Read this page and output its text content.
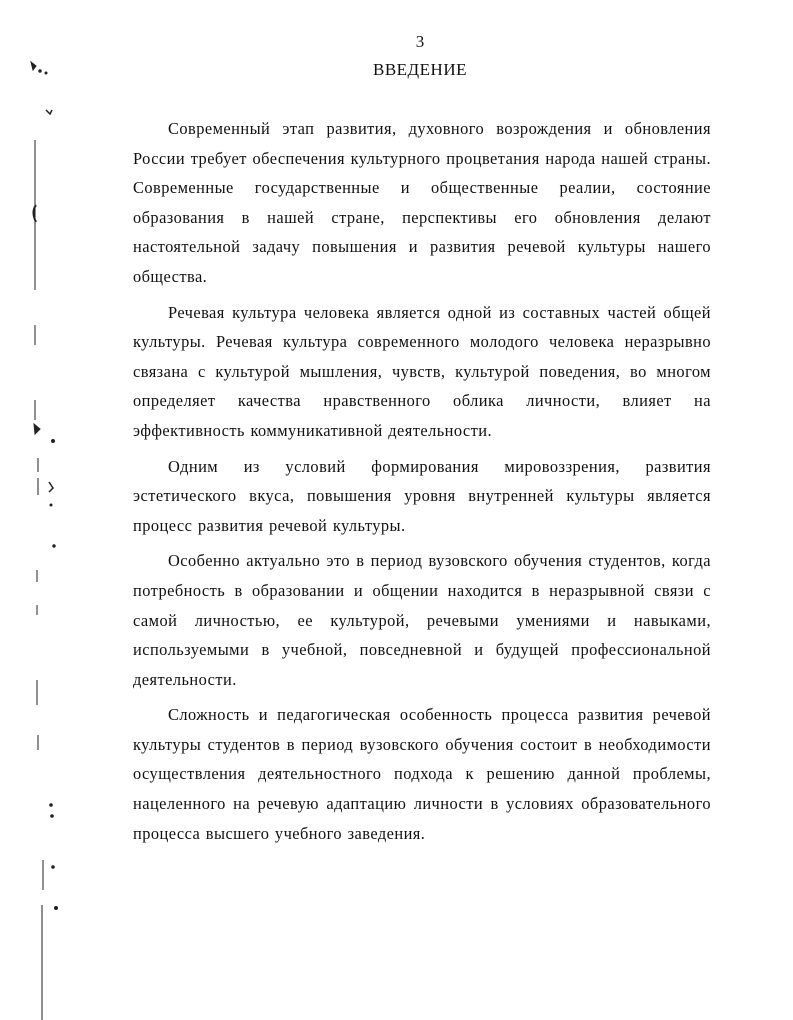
3
ВВЕДЕНИЕ

Современный этап развития, духовного возрождения и обновления России требует обеспечения культурного процветания народа нашей страны. Современные государственные и общественные реалии, состояние образования в нашей стране, перспективы его обновления делают настоятельной задачу повышения и развития речевой культуры нашего общества.

Речевая культура человека является одной из составных частей общей культуры. Речевая культура современного молодого человека неразрывно связана с культурой мышления, чувств, культурой поведения, во многом определяет качества нравственного облика личности, влияет на эффективность коммуникативной деятельности.

Одним из условий формирования мировоззрения, развития эстетического вкуса, повышения уровня внутренней культуры является процесс развития речевой культуры.

Особенно актуально это в период вузовского обучения студентов, когда потребность в образовании и общении находится в неразрывной связи с самой личностью, ее культурой, речевыми умениями и навыками, используемыми в учебной, повседневной и будущей профессиональной деятельности.

Сложность и педагогическая особенность процесса развития речевой культуры студентов в период вузовского обучения состоит в необходимости осуществления деятельностного подхода к решению данной проблемы, нацеленного на речевую адаптацию личности в условиях образовательного процесса высшего учебного заведения.
